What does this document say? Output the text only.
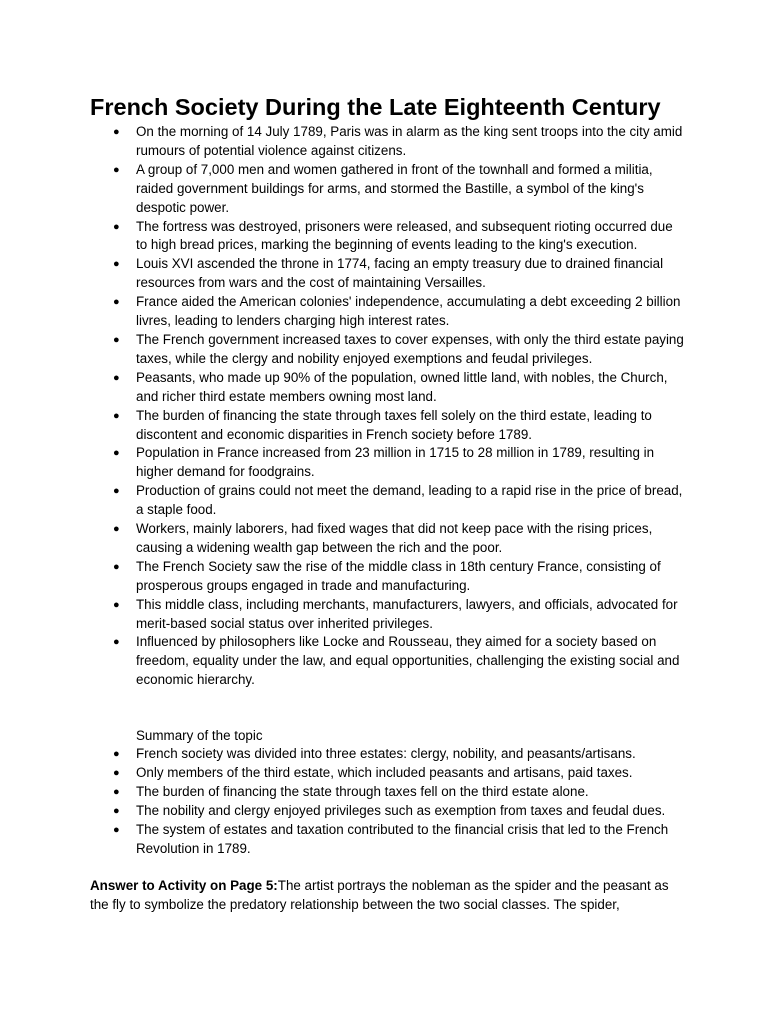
French Society During the Late Eighteenth Century
● On the morning of 14 July 1789, Paris was in alarm as the king sent troops into the city amid rumours of potential violence against citizens.
● A group of 7,000 men and women gathered in front of the townhall and formed a militia, raided government buildings for arms, and stormed the Bastille, a symbol of the king's despotic power.
● The fortress was destroyed, prisoners were released, and subsequent rioting occurred due to high bread prices, marking the beginning of events leading to the king's execution.
● Louis XVI ascended the throne in 1774, facing an empty treasury due to drained financial resources from wars and the cost of maintaining Versailles.
● France aided the American colonies' independence, accumulating a debt exceeding 2 billion livres, leading to lenders charging high interest rates.
● The French government increased taxes to cover expenses, with only the third estate paying taxes, while the clergy and nobility enjoyed exemptions and feudal privileges.
● Peasants, who made up 90% of the population, owned little land, with nobles, the Church, and richer third estate members owning most land.
● The burden of financing the state through taxes fell solely on the third estate, leading to discontent and economic disparities in French society before 1789.
● Population in France increased from 23 million in 1715 to 28 million in 1789, resulting in higher demand for foodgrains.
● Production of grains could not meet the demand, leading to a rapid rise in the price of bread, a staple food.
● Workers, mainly laborers, had fixed wages that did not keep pace with the rising prices, causing a widening wealth gap between the rich and the poor.
● The French Society saw the rise of the middle class in 18th century France, consisting of prosperous groups engaged in trade and manufacturing.
● This middle class, including merchants, manufacturers, lawyers, and officials, advocated for merit-based social status over inherited privileges.
● Influenced by philosophers like Locke and Rousseau, they aimed for a society based on freedom, equality under the law, and equal opportunities, challenging the existing social and economic hierarchy.

Summary of the topic

● French society was divided into three estates: clergy, nobility, and peasants/artisans.
● Only members of the third estate, which included peasants and artisans, paid taxes.
● The burden of financing the state through taxes fell on the third estate alone.
● The nobility and clergy enjoyed privileges such as exemption from taxes and feudal dues.
● The system of estates and taxation contributed to the financial crisis that led to the French Revolution in 1789.

Answer to Activity on Page 5:The artist portrays the nobleman as the spider and the peasant as the fly to symbolize the predatory relationship between the two social classes. The spider,
